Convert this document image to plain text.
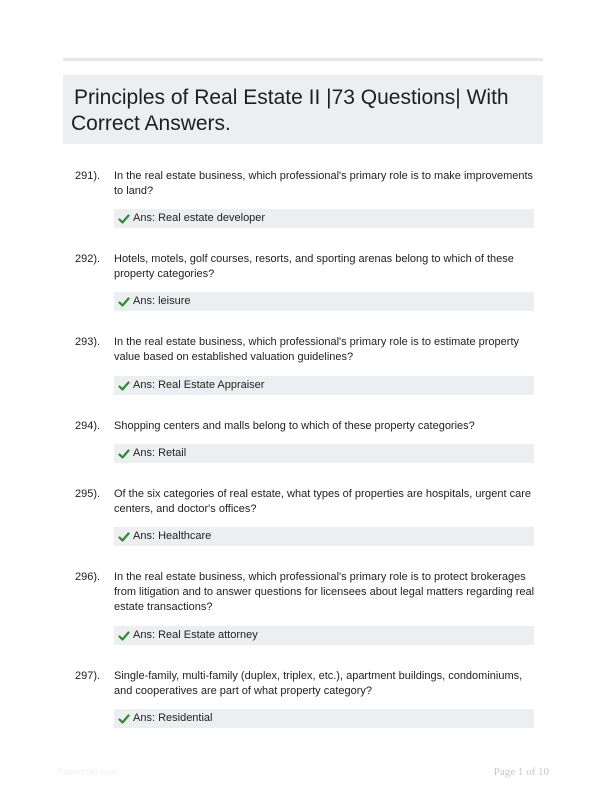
Principles of Real Estate II |73 Questions| With
Correct Answers.
291). In the real estate business, which professional's primary role is to make improvements to land?
Ans: Real estate developer
292). Hotels, motels, golf courses, resorts, and sporting arenas belong to which of these property categories?
Ans: leisure
293). In the real estate business, which professional's primary role is to estimate property value based on established valuation guidelines?
Ans: Real Estate Appraiser
294). Shopping centers and malls belong to which of these property categories?
Ans: Retail
295). Of the six categories of real estate, what types of properties are hospitals, urgent care centers, and doctor's offices?
Ans: Healthcare
296). In the real estate business, which professional's primary role is to protect brokerages from litigation and to answer questions for licensees about legal matters regarding real estate transactions?
Ans: Real Estate attorney
297). Single-family, multi-family (duplex, triplex, etc.), apartment buildings, condominiums, and cooperatives are part of what property category?
Ans: Residential
Paperfolio.com	Page 1 of 10
